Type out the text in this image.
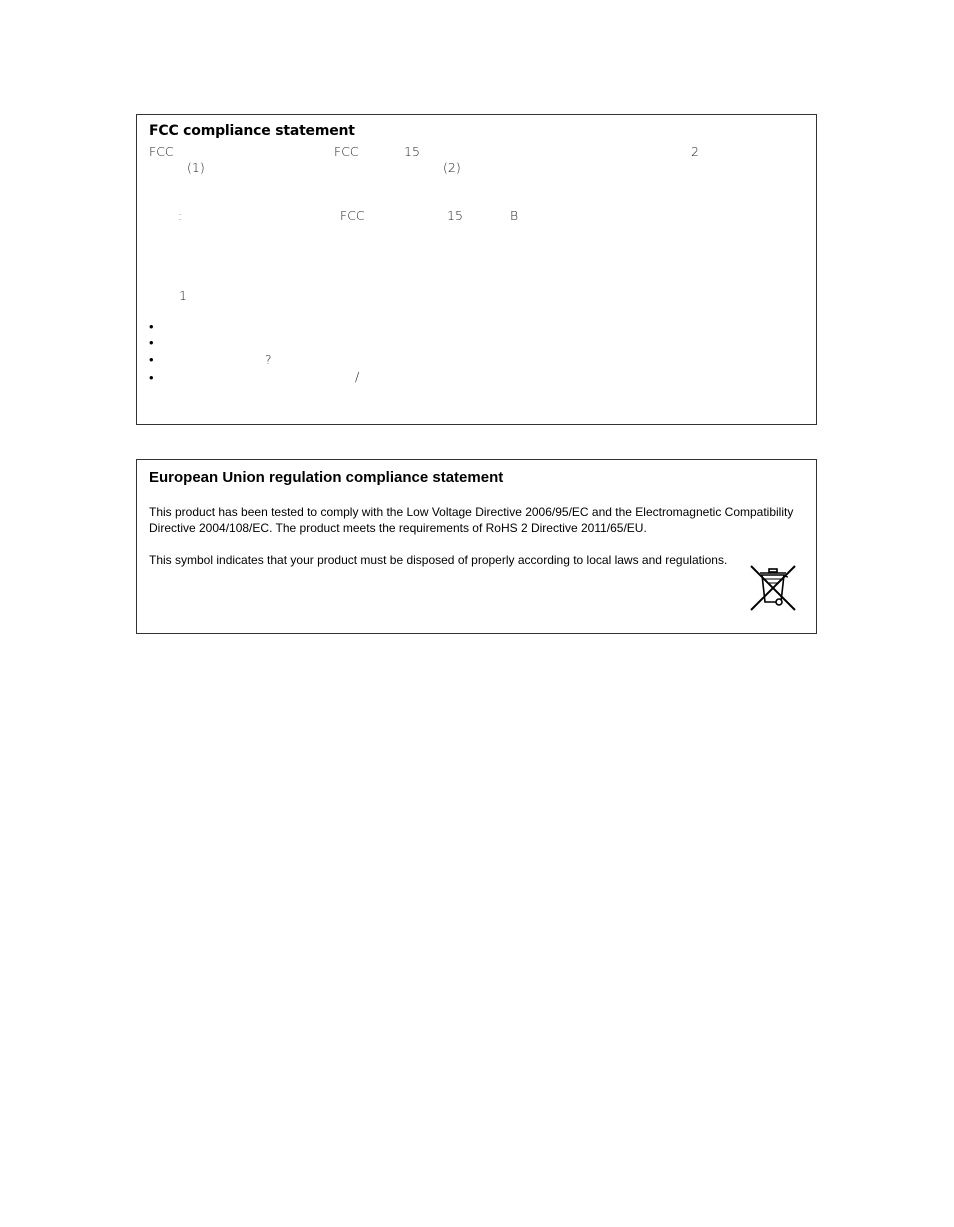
FCC compliance statement
FCC	FCC	15	2
(1)	(2)
:	FCC	15	B
1
•
•
•	?
•	/
European Union regulation compliance statement
This product has been tested to comply with the Low Voltage Directive 2006/95/EC and the Electromagnetic Compatibility Directive 2004/108/EC. The product meets the requirements of RoHS 2 Directive 2011/65/EU.
This symbol indicates that your product must be disposed of properly according to local laws and regulations.
